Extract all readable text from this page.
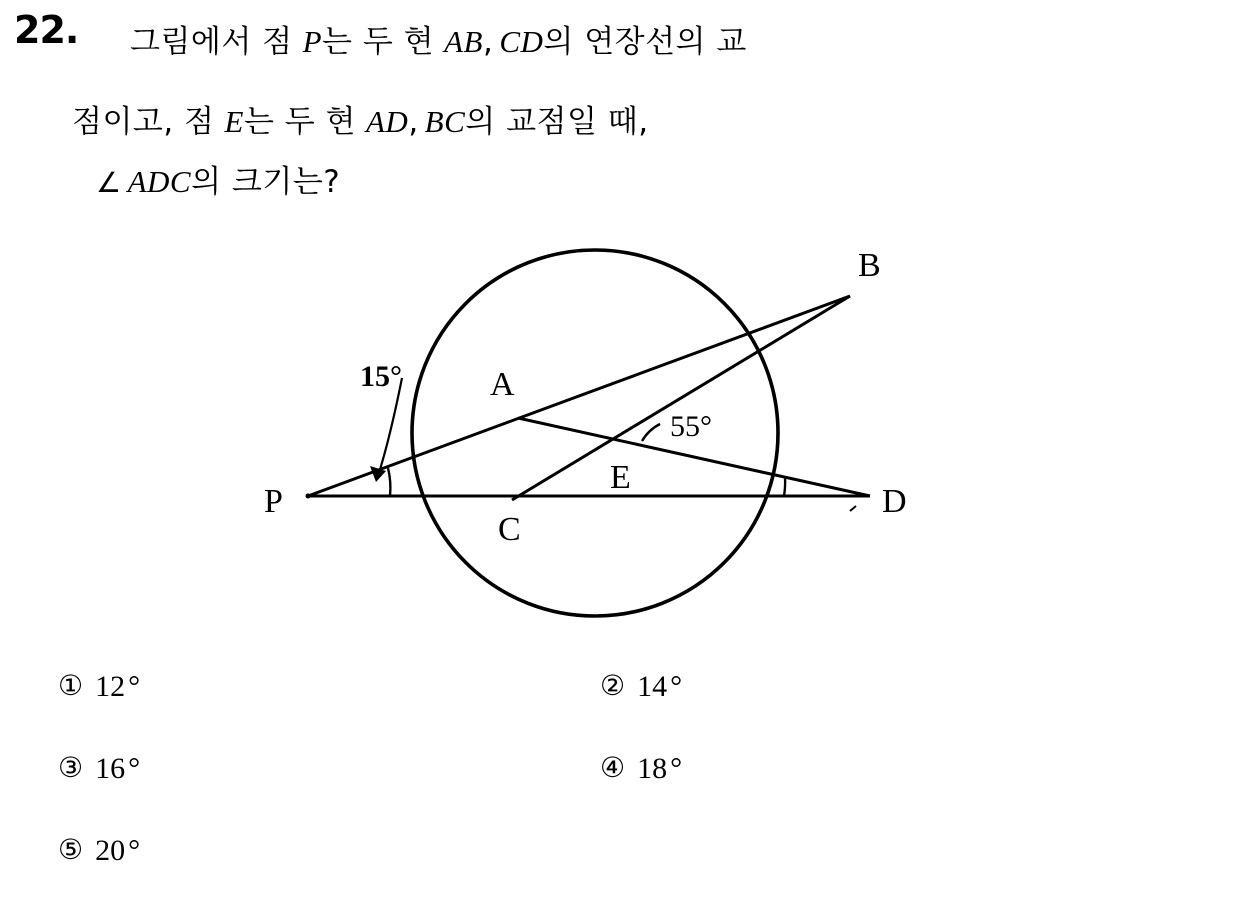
22. 그림에서 점 P는 두 현 AB, CD의 연장선의 교
점이고, 점 E는 두 현 AD, BC의 교점일 때,
∠ ADC의 크기는?
B
A
E
C
D
P
15°
55°
① 12 °	② 14 °
③ 16 °	④ 18 °
⑤ 20 °
